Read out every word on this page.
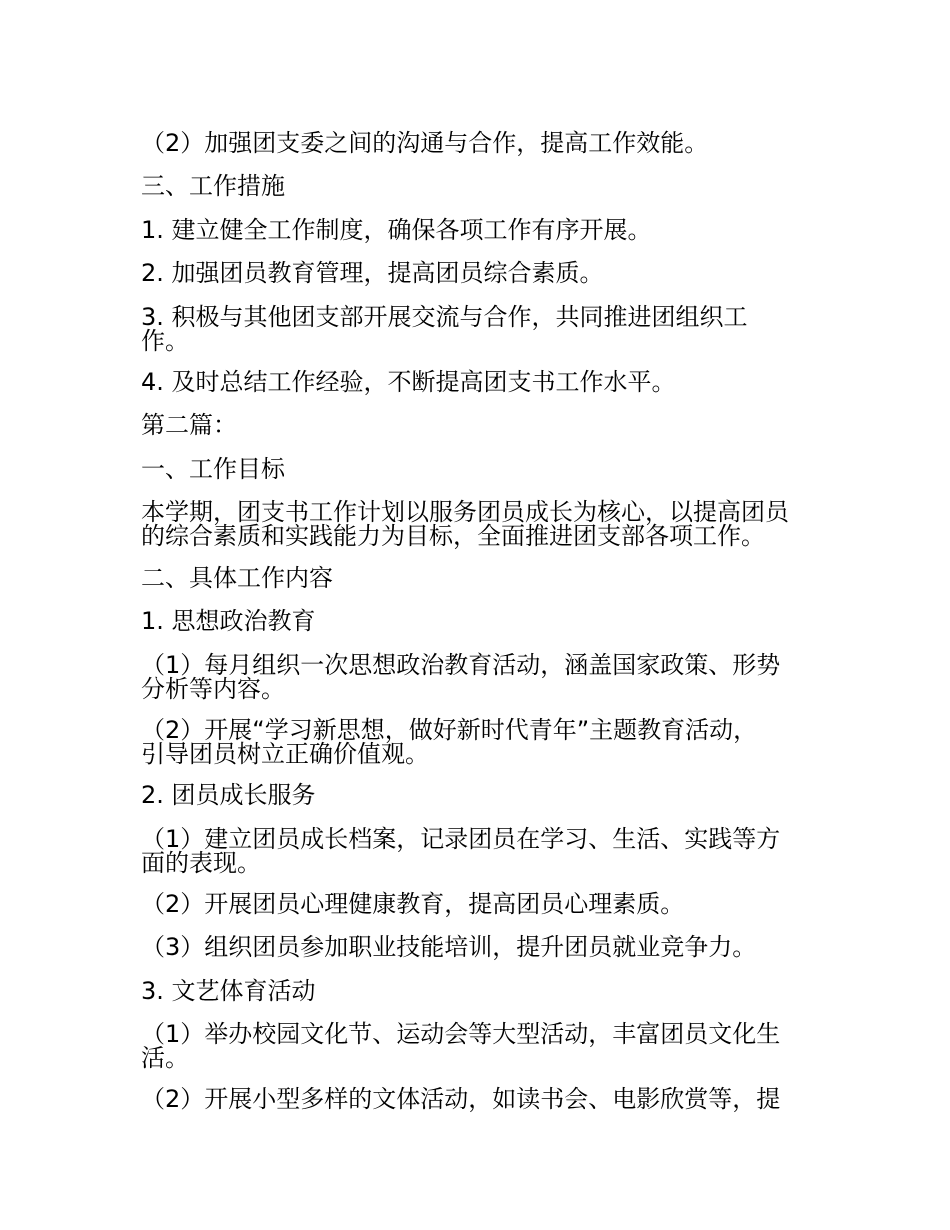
（2）加强团支委之间的沟通与合作，提高工作效能。

三、工作措施

1. 建立健全工作制度，确保各项工作有序开展。

2. 加强团员教育管理，提高团员综合素质。

3. 积极与其他团支部开展交流与合作，共同推进团组织工
作。

4. 及时总结工作经验，不断提高团支书工作水平。

第二篇：

一、工作目标

本学期，团支书工作计划以服务团员成长为核心，以提高团员
的综合素质和实践能力为目标，全面推进团支部各项工作。

二、具体工作内容

1. 思想政治教育

（1）每月组织一次思想政治教育活动，涵盖国家政策、形势
分析等内容。

（2）开展“学习新思想，做好新时代青年”主题教育活动，
引导团员树立正确价值观。

2. 团员成长服务

（1）建立团员成长档案，记录团员在学习、生活、实践等方
面的表现。

（2）开展团员心理健康教育，提高团员心理素质。

（3）组织团员参加职业技能培训，提升团员就业竞争力。

3. 文艺体育活动

（1）举办校园文化节、运动会等大型活动，丰富团员文化生
活。

（2）开展小型多样的文体活动，如读书会、电影欣赏等，提
